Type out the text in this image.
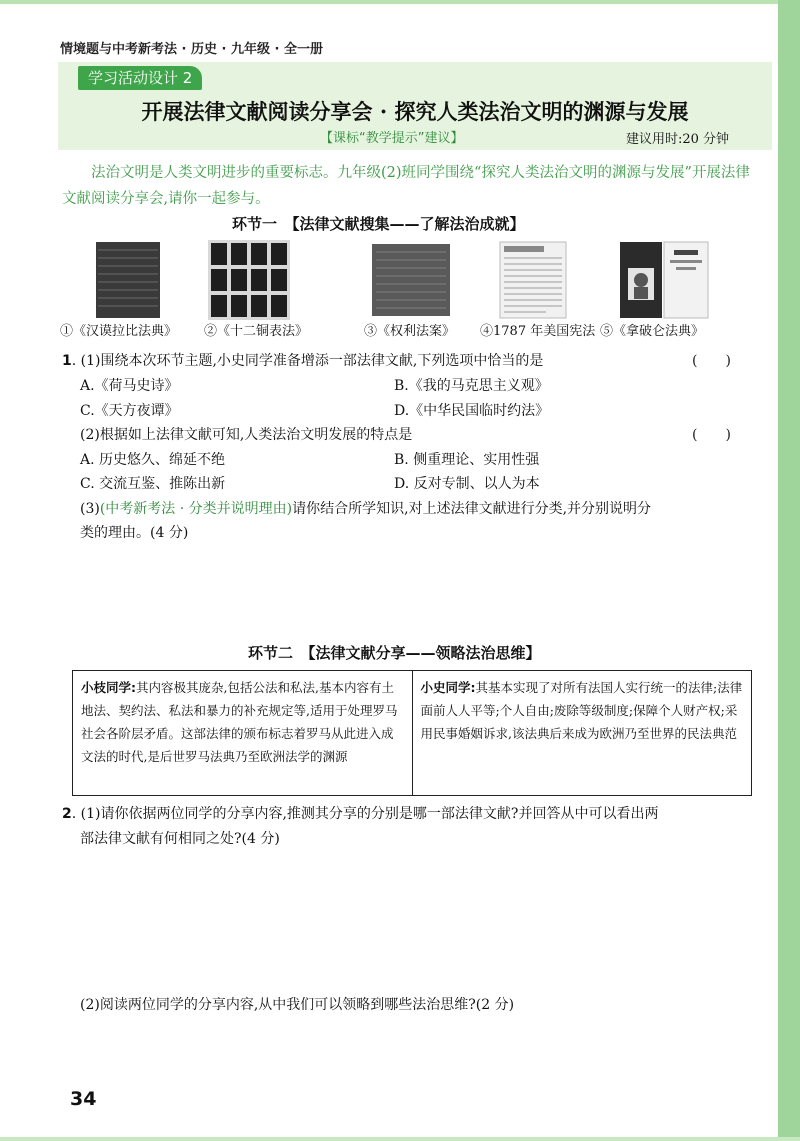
情境题与中考新考法 · 历史 · 九年级 · 全一册
学习活动设计 2
开展法律文献阅读分享会 · 探究人类法治文明的渊源与发展
【课标“教学提示”建议】	建议用时:20 分钟
法治文明是人类文明进步的重要标志。九年级(2)班同学围绕“探究人类法治文明的渊源与发展”开展法律文献阅读分享会,请你一起参与。
环节一　【法律文献搜集——了解法治成就】
①《汉谟拉比法典》 ②《十二铜表法》	③《权利法案》 ④1787 年美国宪法 ⑤《拿破仑法典》
1. (1)围绕本次环节主题,小史同学准备增添一部法律文献,下列选项中恰当的是	(　　)
A.《荷马史诗》	B.《我的马克思主义观》
C.《天方夜谭》	D.《中华民国临时约法》
(2)根据如上法律文献可知,人类法治文明发展的特点是	(　　)
A. 历史悠久、绵延不绝	B. 侧重理论、实用性强
C. 交流互鉴、推陈出新	D. 反对专制、以人为本
(3)(中考新考法 · 分类并说明理由)请你结合所学知识,对上述法律文献进行分类,并分别说明分
类的理由。(4 分)
环节二　【法律文献分享——领略法治思维】
小枝同学:其内容极其庞杂,包括公法和私法,基本内容有土地法、契约法、私法和暴力的补充规定等,适用于处理罗马社会各阶层矛盾。这部法律的颁布标志着罗马从此进入成文法的时代,是后世罗马法典乃至欧洲法学的渊源
小史同学:其基本实现了对所有法国人实行统一的法律;法律面前人人平等;个人自由;废除等级制度;保障个人财产权;采用民事婚姻诉求,该法典后来成为欧洲乃至世界的民法典范
2. (1)请你依据两位同学的分享内容,推测其分享的分别是哪一部法律文献?并回答从中可以看出两
部法律文献有何相同之处?(4 分)
(2)阅读两位同学的分享内容,从中我们可以领略到哪些法治思维?(2 分)
34
